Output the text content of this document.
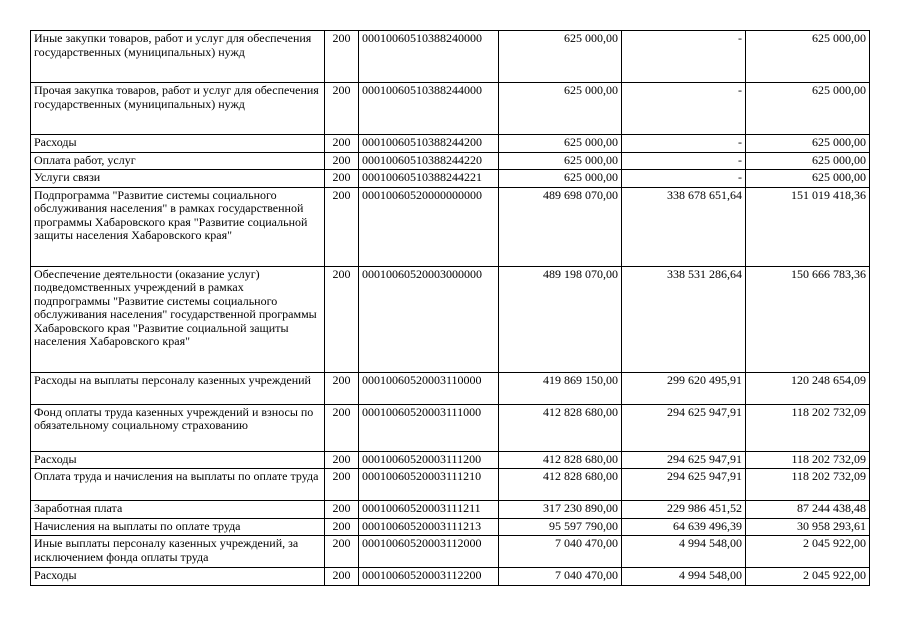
Иные закупки товаров, работ и услуг для обеспечения государственных (муниципальных) нужд	200	00010060510388240000	625 000,00	-	625 000,00
Прочая закупка товаров, работ и услуг для обеспечения государственных (муниципальных) нужд	200	00010060510388244000	625 000,00	-	625 000,00
Расходы	200	00010060510388244200	625 000,00	-	625 000,00
Оплата работ, услуг	200	00010060510388244220	625 000,00	-	625 000,00
Услуги связи	200	00010060510388244221	625 000,00	-	625 000,00
Подпрограмма "Развитие системы социального обслуживания населения" в рамках государственной программы Хабаровского края "Развитие социальной защиты населения Хабаровского края"	200	00010060520000000000	489 698 070,00	338 678 651,64	151 019 418,36
Обеспечение деятельности (оказание услуг) подведомственных учреждений в рамках подпрограммы "Развитие системы социального обслуживания населения" государственной программы Хабаровского края "Развитие социальной защиты населения Хабаровского края"	200	00010060520003000000	489 198 070,00	338 531 286,64	150 666 783,36
Расходы на выплаты персоналу казенных учреждений	200	00010060520003110000	419 869 150,00	299 620 495,91	120 248 654,09
Фонд оплаты труда казенных учреждений и взносы по обязательному социальному страхованию	200	00010060520003111000	412 828 680,00	294 625 947,91	118 202 732,09
Расходы	200	00010060520003111200	412 828 680,00	294 625 947,91	118 202 732,09
Оплата труда и начисления на выплаты по оплате труда	200	00010060520003111210	412 828 680,00	294 625 947,91	118 202 732,09
Заработная плата	200	00010060520003111211	317 230 890,00	229 986 451,52	87 244 438,48
Начисления на выплаты по оплате труда	200	00010060520003111213	95 597 790,00	64 639 496,39	30 958 293,61
Иные выплаты персоналу казенных учреждений, за исключением фонда оплаты труда	200	00010060520003112000	7 040 470,00	4 994 548,00	2 045 922,00
Расходы	200	00010060520003112200	7 040 470,00	4 994 548,00	2 045 922,00
